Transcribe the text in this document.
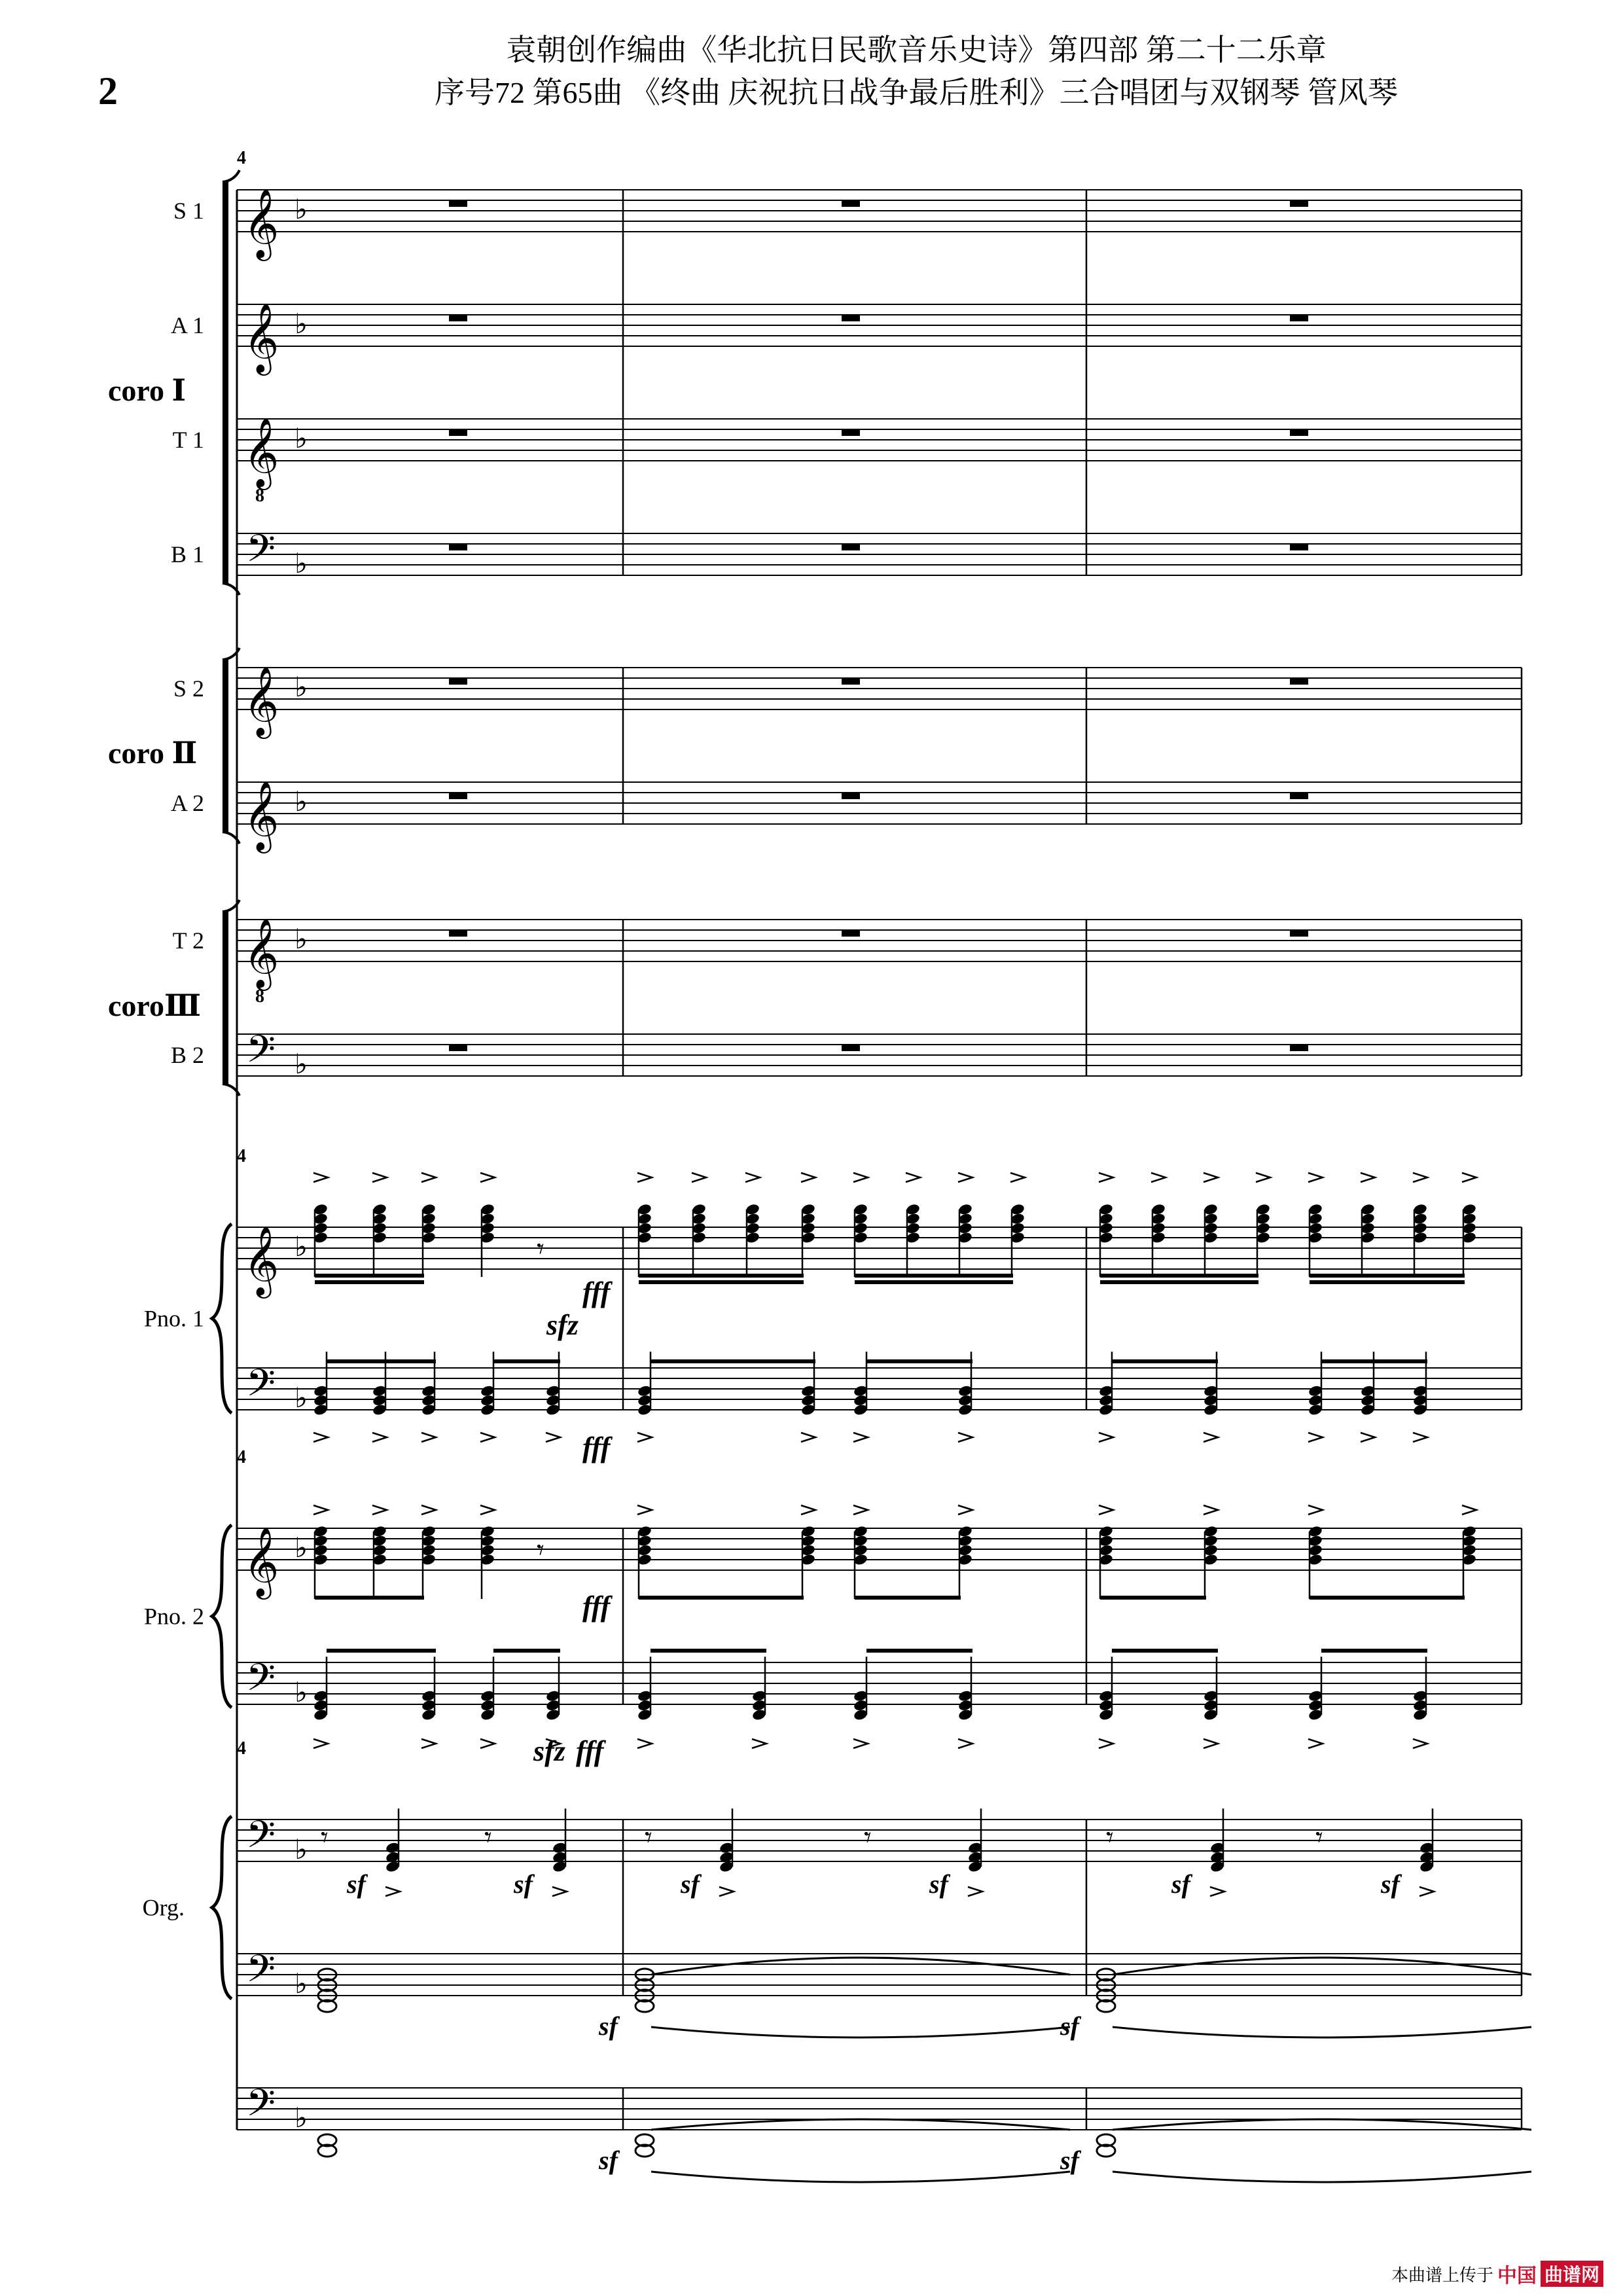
2
袁朝创作编曲《华北抗日民歌音乐史诗》第四部 第二十二乐章
序号72 第65曲 《终曲 庆祝抗日战争最后胜利》三合唱团与双钢琴 管风琴
𝄞 ♭
𝄞 ♭
𝄞
8
♭
𝄢 ♭
𝄞 ♭
𝄞 ♭
𝄞
8
♭
𝄢 ♭
𝄞 ♭
𝄢 ♭
𝄞 ♭
𝄢 ♭
𝄢 ♭
𝄢 ♭
𝄢 ♭
𝄾
𝄾
𝄾
sf
𝄾
sf
𝄾
sf
𝄾
sf
𝄾
sf
𝄾
sf
sf
sf
sf
sf
fff
sfz
fff
fff
sfz fff
S 1
A 1
T 1
B 1
S 2
A 2
T 2
B 2
Pno. 1
Pno. 2
Org.
coro Ⅰ
coro Ⅱ
coroⅢ
4
4
4
4
本曲谱上传于 中国 曲谱网
